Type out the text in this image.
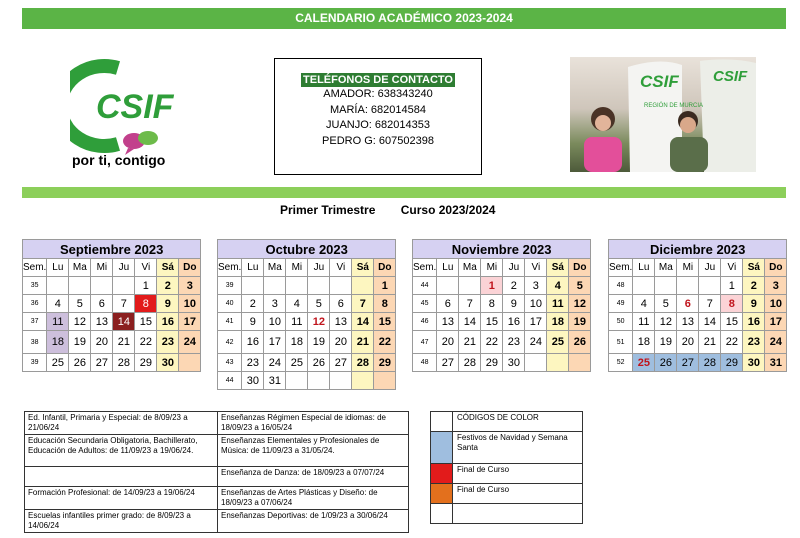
CALENDARIO ACADÉMICO 2023-2024
CSIF
por ti, contigo
TELÉFONOS DE CONTACTO
AMADOR: 638343240
MARÍA: 682014584
JUANJO: 682014353
PEDRO G: 607502398
CSIF CSIF
REGIÓN DE MURCIA
Primer Trimestre Curso 2023/2024
Septiembre 2023							
Sem.	Lu	Ma	Mi	Ju	Vi	Sá	Do
35					1	2	3
36	4	5	6	7	8	9	10
37	11	12	13	14	15	16	17
38	18	19	20	21	22	23	24
39	25	26	27	28	29	30	
Octubre 2023							
Sem.	Lu	Ma	Mi	Ju	Vi	Sá	Do
39							1
40	2	3	4	5	6	7	8
41	9	10	11	12	13	14	15
42	16	17	18	19	20	21	22
43	23	24	25	26	27	28	29
44	30	31					
Noviembre 2023							
Sem.	Lu	Ma	Mi	Ju	Vi	Sá	Do
44			1	2	3	4	5
45	6	7	8	9	10	11	12
46	13	14	15	16	17	18	19
47	20	21	22	23	24	25	26
48	27	28	29	30			
Diciembre 2023							
Sem.	Lu	Ma	Mi	Ju	Vi	Sá	Do
48					1	2	3
49	4	5	6	7	8	9	10
50	11	12	13	14	15	16	17
51	18	19	20	21	22	23	24
52	25	26	27	28	29	30	31
Ed. Infantil, Primaria y Especial: de 8/09/23 a 21/06/24	Enseñanzas Régimen Especial de idiomas: de 18/09/23 a 16/05/24
Educación Secundaria Obligatoria, Bachillerato, Educación de Adultos: de 11/09/23 a 19/06/24.	Enseñanzas Elementales y Profesionales de Música: de 11/09/23 a 31/05/24.
	Enseñanza de Danza: de 18/09/23 a 07/07/24
Formación Profesional: de 14/09/23 a 19/06/24	Enseñanzas de Artes Plásticas y Diseño: de 18/09/23 a 07/06/24
Escuelas infantiles primer grado: de 8/09/23 a 14/06/24	Enseñanzas Deportivas: de 1/09/23 a 30/06/24
	CÓDIGOS DE COLOR
	Festivos de Navidad y Semana Santa
	Final de Curso
	Final de Curso
